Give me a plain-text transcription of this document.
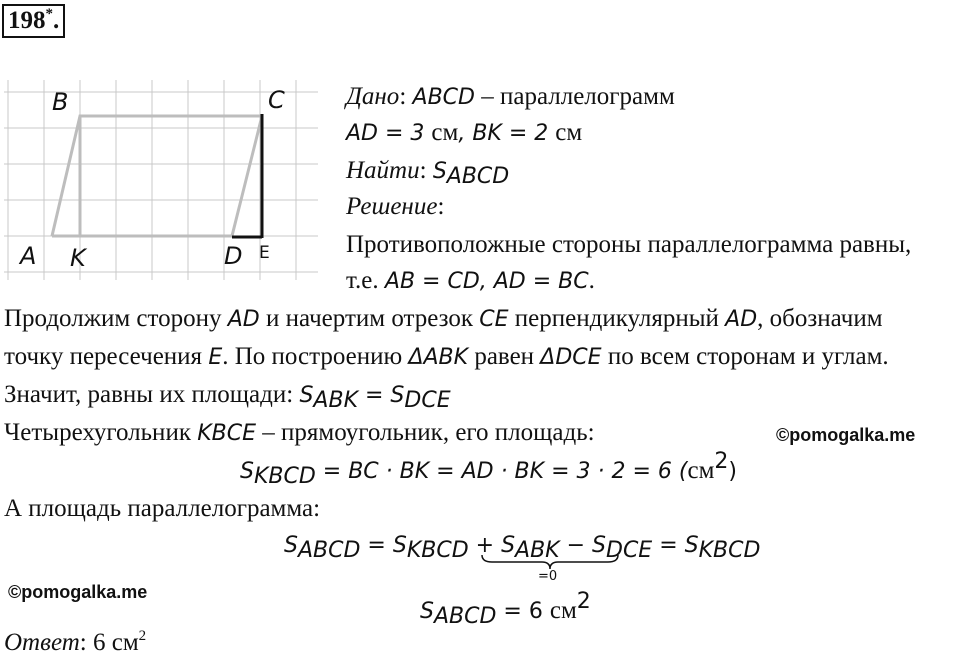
198*.
B	C
A K	D E
Дано: ABCD – параллелограмм
AD = 3 см, BK = 2 см
Найти: $S_{ABCD}$
Решение:
Противоположные стороны параллелограмма равны,
т.е. AB = CD, AD = BC.
Продолжим сторону AD и начертим отрезок CE перпендикулярный AD, обозначим
точку пересечения E. По построению ΔABK равен ΔDCE по всем сторонам и углам.
Значит, равны их площади: $S_{ABK} = S_{DCE}$
Четырехугольник KBCE – прямоугольник, его площадь:	©pomogalka.me
$S_{KBCD}$ = BC · BK = AD · BK = 3 · 2 = 6 $(см^2)$
А площадь параллелограмма:
$S_{ABCD} = S_{KBCD} + S_{ABK} - S_{DCE} = S_{KBCD}$
=0
©pomogalka.me
$S_{ABCD} = 6$ $см^2$
Ответ: 6 $см^2$
